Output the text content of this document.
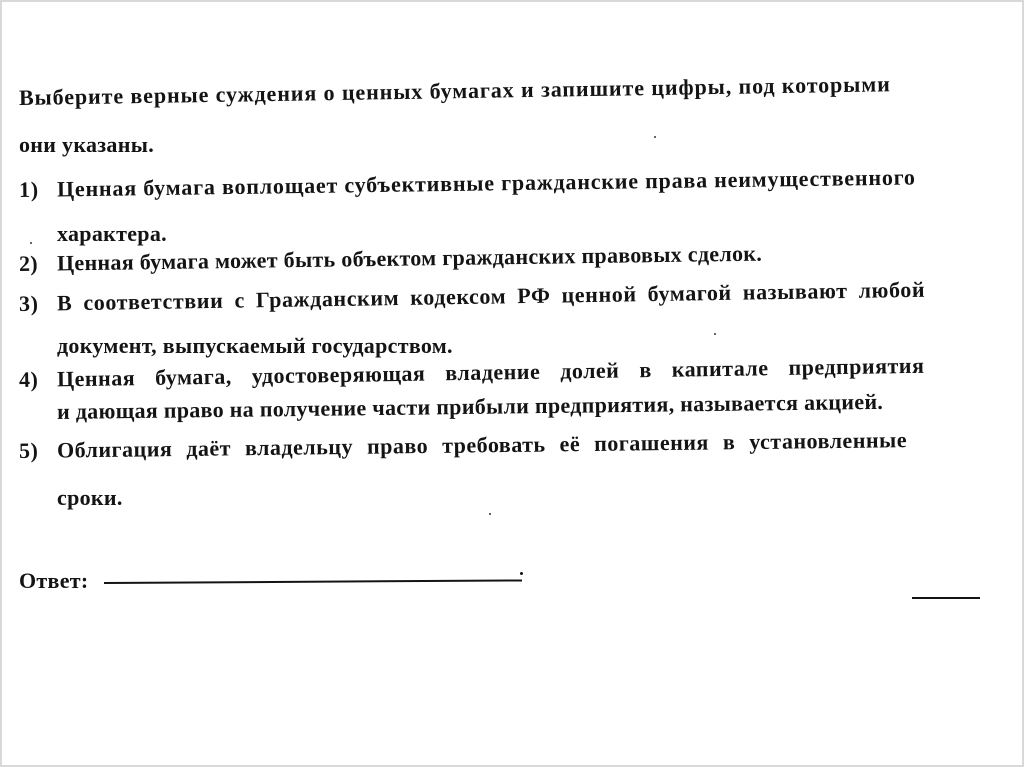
Выберите верные суждения о ценных бумагах и запишите цифры, под которыми
они указаны.
1) Ценная бумага воплощает субъективные гражданские права неимущественного
характера.
2) Ценная бумага может быть объектом гражданских правовых сделок.
3) В соответствии с Гражданским кодексом РФ ценной бумагой называют любой
документ, выпускаемый государством.
4) Ценная бумага, удостоверяющая владение долей в капитале предприятия
и дающая право на получение части прибыли предприятия, называется акцией.
5) Облигация даёт владельцу право требовать её погашения в установленные
сроки.
Ответ:
